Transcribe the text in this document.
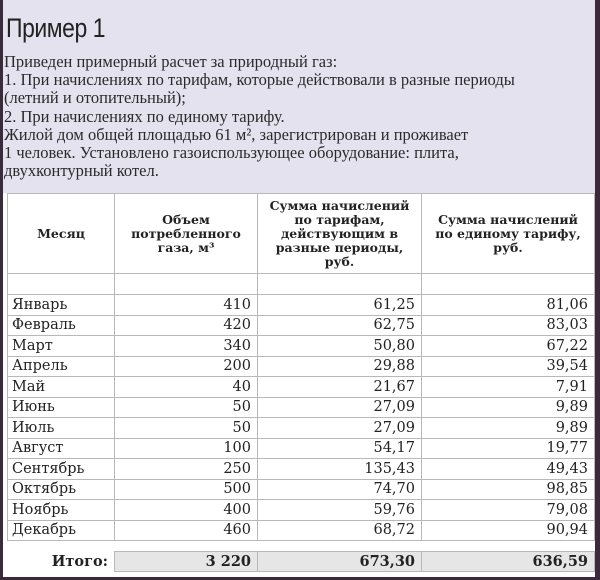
Пример 1
Приведен примерный расчет за природный газ:
1. При начислениях по тарифам, которые действовали в разные периоды
(летний и отопительный);
2. При начислениях по единому тарифу.
Жилой дом общей площадью 61 м², зарегистрирован и проживает
1 человек. Установлено газоиспользующее оборудование: плита,
двухконтурный котел.
Месяц	Объем потребленного газа, м³	Сумма начислений по тарифам, действующим в разные периоды, руб.	Сумма начислений по единому тарифу, руб.

Январь	410	61,25	81,06
Февраль	420	62,75	83,03
Март	340	50,80	67,22
Апрель	200	29,88	39,54
Май	40	21,67	7,91
Июнь	50	27,09	9,89
Июль	50	27,09	9,89
Август	100	54,17	19,77
Сентябрь	250	135,43	49,43
Октябрь	500	74,70	98,85
Ноябрь	400	59,76	79,08
Декабрь	460	68,72	90,94

Итого:	3 220	673,30	636,59
